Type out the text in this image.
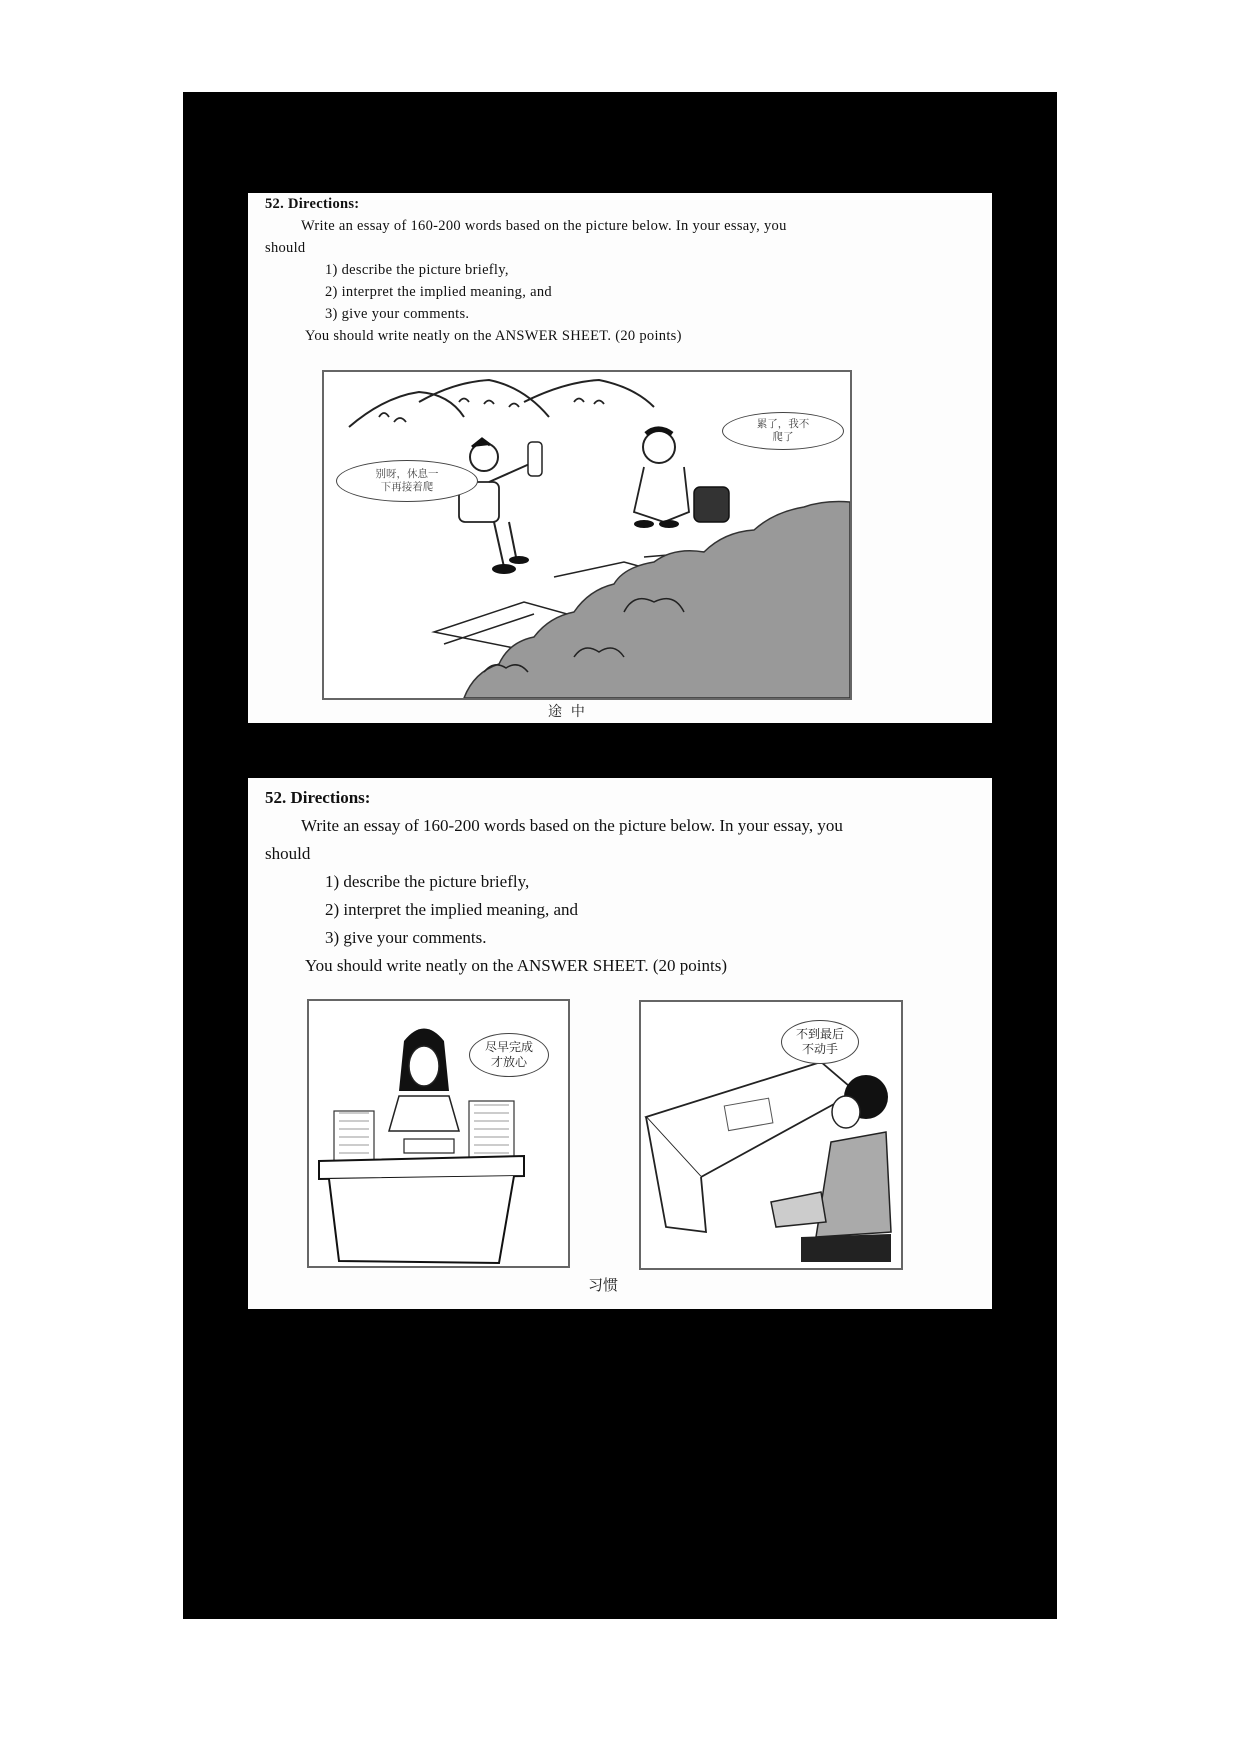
52. Directions:
Write an essay of 160-200 words based on the picture below. In your essay, you
should
1) describe the picture briefly,
2) interpret the implied meaning, and
3) give your comments.
You should write neatly on the ANSWER SHEET. (20 points)
别呀，休息一
下再接着爬
累了，我不
爬了
途  中
52. Directions:
Write an essay of 160-200 words based on the picture below. In your essay, you
should
1) describe the picture briefly,
2) interpret the implied meaning, and
3) give your comments.
You should write neatly on the ANSWER SHEET. (20 points)
尽早完成
才放心
不到最后
不动手
习惯
